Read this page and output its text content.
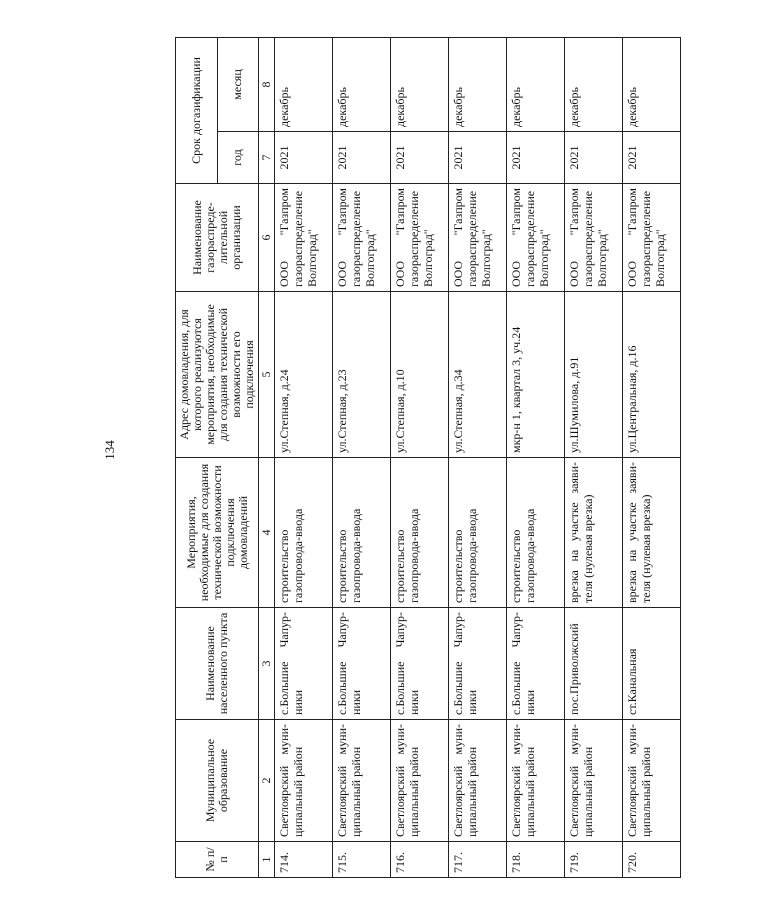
134
№ п/п	Муниципальное образование	Наименование населенного пункта	Мероприятия, необходимые для создания технической возможности подключения домовладений	Адрес домовладения, для которого реализуются мероприятия, необходимые для создания технической возможности его подключения	Наименование газораспреде-лительной организации	Срок догазификации	
						год	месяц
1	2	3	4	5	6	7	8
714.	Светлоярский муни-ципальный район	с.Большие Чапур-ники	строительство газопровода-ввода	ул.Степная, д.24	ООО "Газпром газораспределение Волгоград"	2021	декабрь
715.	Светлоярский муни-ципальный район	с.Большие Чапур-ники	строительство газопровода-ввода	ул.Степная, д.23	ООО "Газпром газораспределение Волгоград"	2021	декабрь
716.	Светлоярский муни-ципальный район	с.Большие Чапур-ники	строительство газопровода-ввода	ул.Степная, д.10	ООО "Газпром газораспределение Волгоград"	2021	декабрь
717.	Светлоярский муни-ципальный район	с.Большие Чапур-ники	строительство газопровода-ввода	ул.Степная, д.34	ООО "Газпром газораспределение Волгоград"	2021	декабрь
718.	Светлоярский муни-ципальный район	с.Большие Чапур-ники	строительство газопровода-ввода	мкр-н 1, квартал 3, уч.24	ООО "Газпром газораспределение Волгоград"	2021	декабрь
719.	Светлоярский муни-ципальный район	пос.Приволжский	врезка на участке заяви-теля (нулевая врезка)	ул.Шумилова, д.91	ООО "Газпром газораспределение Волгоград"	2021	декабрь
720.	Светлоярский муни-ципальный район	ст.Канальная	врезка на участке заяви-теля (нулевая врезка)	ул.Центральная, д.16	ООО "Газпром газораспределение Волгоград"	2021	декабрь
